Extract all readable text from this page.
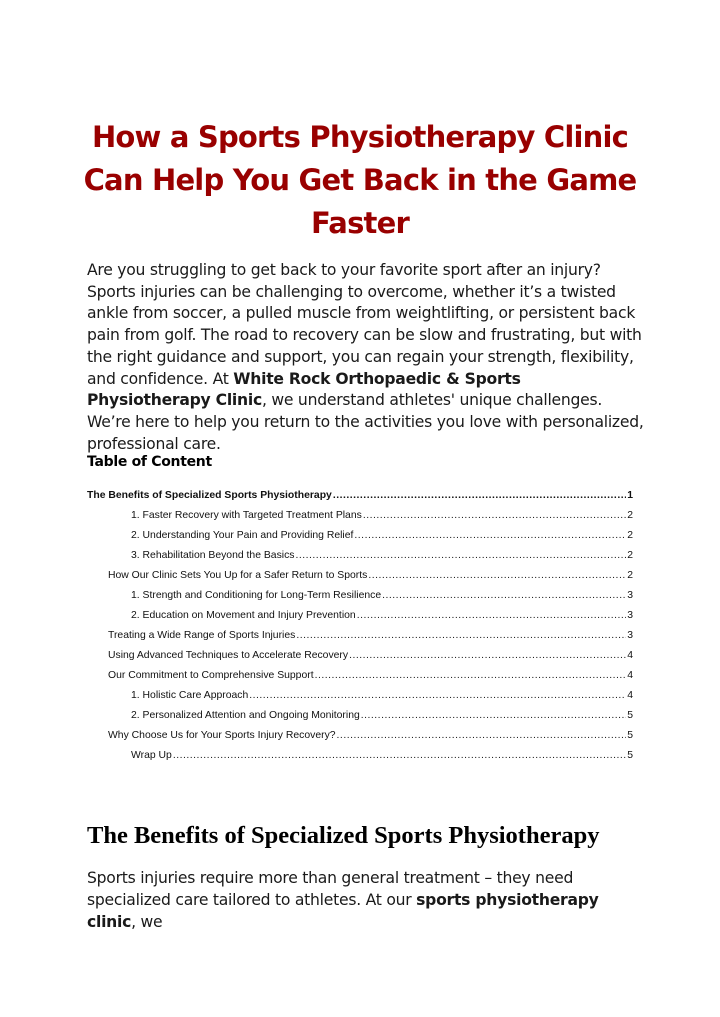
How a Sports Physiotherapy Clinic Can Help You Get Back in the Game Faster

Are you struggling to get back to your favorite sport after an injury? Sports injuries can be challenging to overcome, whether it’s a twisted ankle from soccer, a pulled muscle from weightlifting, or persistent back pain from golf. The road to recovery can be slow and frustrating, but with the right guidance and support, you can regain your strength, flexibility, and confidence. At White Rock Orthopaedic & Sports Physiotherapy Clinic, we understand athletes' unique challenges. We’re here to help you return to the activities you love with personalized, professional care.

Table of Content
The Benefits of Specialized Sports Physiotherapy .....	1
1. Faster Recovery with Targeted Treatment Plans .....	2
2. Understanding Your Pain and Providing Relief .....	2
3. Rehabilitation Beyond the Basics .....	2
How Our Clinic Sets You Up for a Safer Return to Sports .....	2
1. Strength and Conditioning for Long-Term Resilience .....	3
2. Education on Movement and Injury Prevention .....	3
Treating a Wide Range of Sports Injuries .....	3
Using Advanced Techniques to Accelerate Recovery .....	4
Our Commitment to Comprehensive Support .....	4
1. Holistic Care Approach .....	4
2. Personalized Attention and Ongoing Monitoring .....	5
Why Choose Us for Your Sports Injury Recovery? .....	5
Wrap Up .....	5
The Benefits of Specialized Sports Physiotherapy

Sports injuries require more than general treatment – they need specialized care tailored to athletes. At our sports physiotherapy clinic, we
